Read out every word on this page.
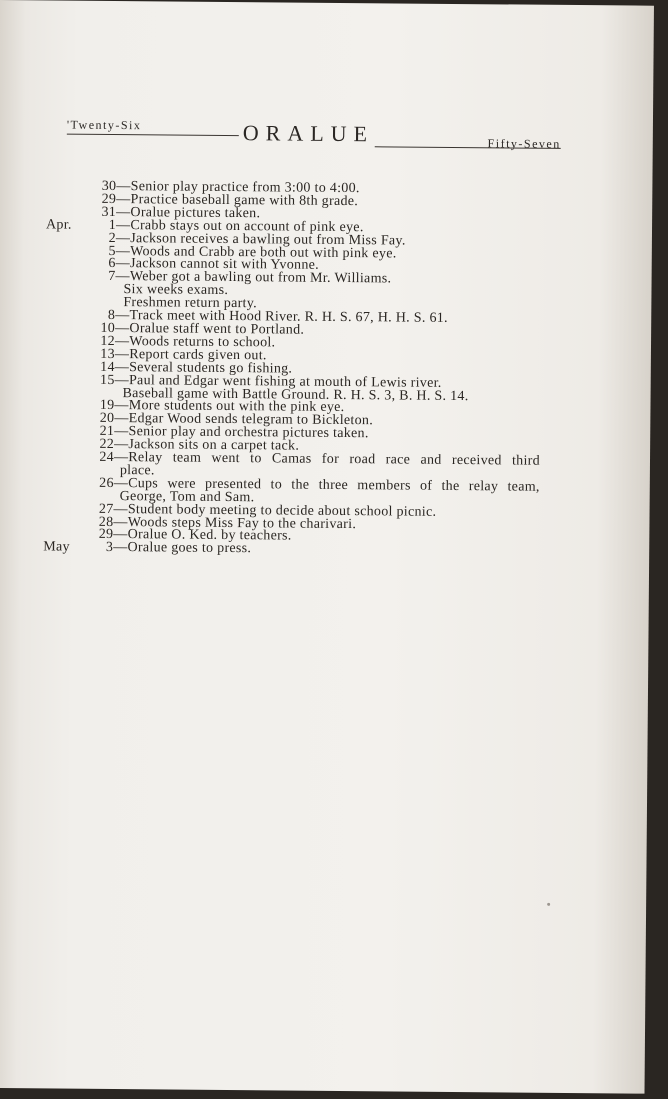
'Twenty-Six	ORALUE	Fifty-Seven
30—Senior play practice from 3:00 to 4:00.
29—Practice baseball game with 8th grade.
31—Oralue pictures taken.
Apr.	1—Crabb stays out on account of pink eye.
2—Jackson receives a bawling out from Miss Fay.
5—Woods and Crabb are both out with pink eye.
6—Jackson cannot sit with Yvonne.
7—Weber got a bawling out from Mr. Williams.
Six weeks exams.
Freshmen return party.
8—Track meet with Hood River. R. H. S. 67, H. H. S. 61.
10—Oralue staff went to Portland.
12—Woods returns to school.
13—Report cards given out.
14—Several students go fishing.
15—Paul and Edgar went fishing at mouth of Lewis river.
Baseball game with Battle Ground. R. H. S. 3, B. H. S. 14.
19—More students out with the pink eye.
20—Edgar Wood sends telegram to Bickleton.
21—Senior play and orchestra pictures taken.
22—Jackson sits on a carpet tack.
24— Relay team went to Camas for road race and received third
place.
26— Cups were presented to the three members of the relay team,
George, Tom and Sam.
27—Student body meeting to decide about school picnic.
28—Woods steps Miss Fay to the charivari.
29—Oralue O. Ked. by teachers.
May	3—Oralue goes to press.
